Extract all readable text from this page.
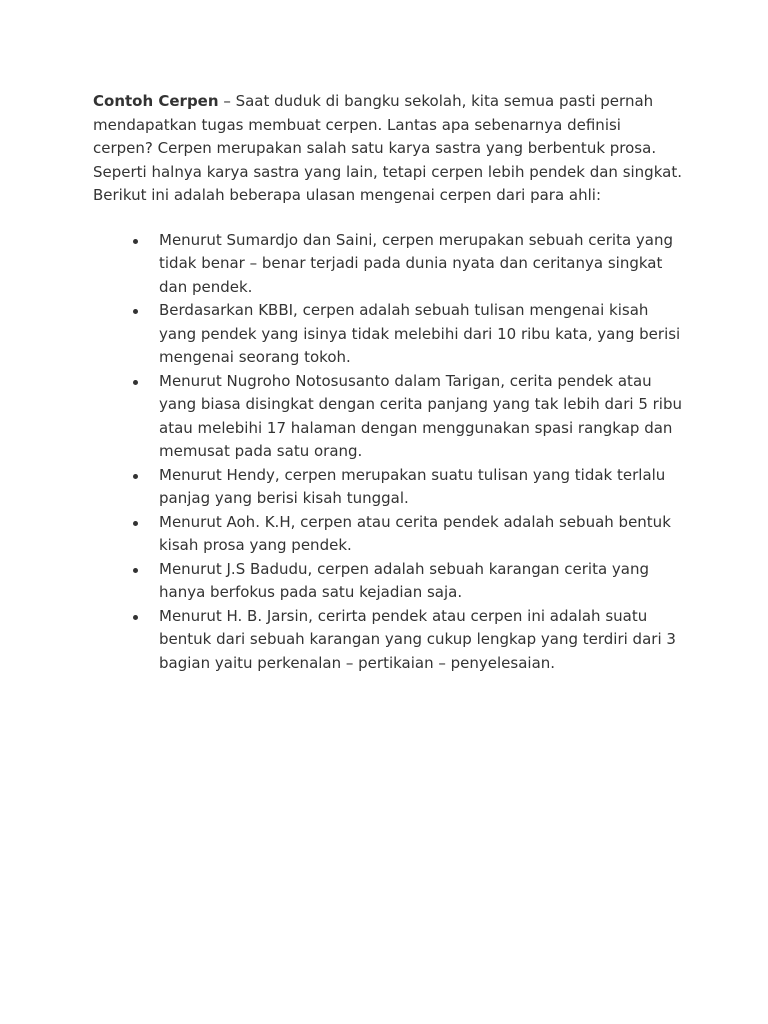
Contoh Cerpen – Saat duduk di bangku sekolah, kita semua pasti pernah mendapatkan tugas membuat cerpen. Lantas apa sebenarnya definisi cerpen? Cerpen merupakan salah satu karya sastra yang berbentuk prosa. Seperti halnya karya sastra yang lain, tetapi cerpen lebih pendek dan singkat.

Berikut ini adalah beberapa ulasan mengenai cerpen dari para ahli:

Menurut Sumardjo dan Saini, cerpen merupakan sebuah cerita yang tidak benar – benar terjadi pada dunia nyata dan ceritanya singkat dan pendek.
Berdasarkan KBBI, cerpen adalah sebuah tulisan mengenai kisah yang pendek yang isinya tidak melebihi dari 10 ribu kata, yang berisi mengenai seorang tokoh.
Menurut Nugroho Notosusanto dalam Tarigan, cerita pendek atau yang biasa disingkat dengan cerita panjang yang tak lebih dari 5 ribu atau melebihi 17 halaman dengan menggunakan spasi rangkap dan memusat pada satu orang.
Menurut Hendy, cerpen merupakan suatu tulisan yang tidak terlalu panjag yang berisi kisah tunggal.
Menurut Aoh. K.H, cerpen atau cerita pendek adalah sebuah bentuk kisah prosa yang pendek.
Menurut J.S Badudu, cerpen adalah sebuah karangan cerita yang hanya berfokus pada satu kejadian saja.
Menurut H. B. Jarsin, cerirta pendek atau cerpen ini adalah suatu bentuk dari sebuah karangan yang cukup lengkap yang terdiri dari 3 bagian yaitu perkenalan – pertikaian – penyelesaian.
